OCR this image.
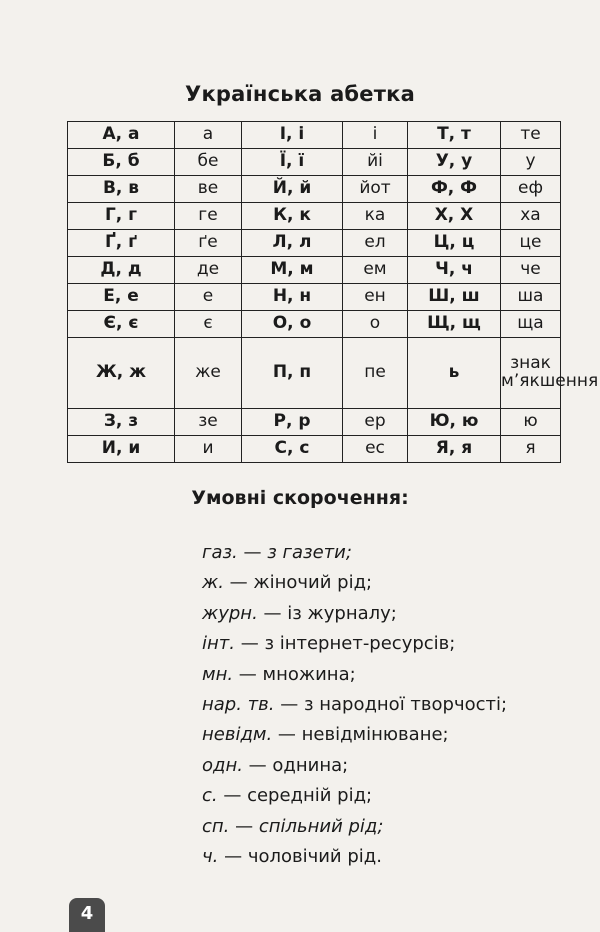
Українська абетка
А, а	а	І, і	і	Т, т	те
Б, б	бе	Ї, ї	йі	У, у	у
В, в	ве	Й, й	йот	Ф, Ф	еф
Г, г	ге	К, к	ка	Х, Х	ха
Ґ, ґ	ґе	Л, л	ел	Ц, ц	це
Д, д	де	М, м	ем	Ч, ч	че
Е, е	е	Н, н	ен	Ш, ш	ша
Є, є	є	О, о	о	Щ, щ	ща
Ж, ж	же	П, п	пе	ь	знак м’якшення
З, з	зе	Р, р	ер	Ю, ю	ю
И, и	и	С, с	ес	Я, я	я
Умовні скорочення:
газ. — з газети;
ж. — жіночий рід;
журн. — із журналу;
інт. — з інтернет-ресурсів;
мн. — множина;
нар. тв. — з народної творчості;
невідм. — невідмінюване;
одн. — однина;
с. — середній рід;
сп. — спільний рід;
ч. — чоловічий рід.
4
